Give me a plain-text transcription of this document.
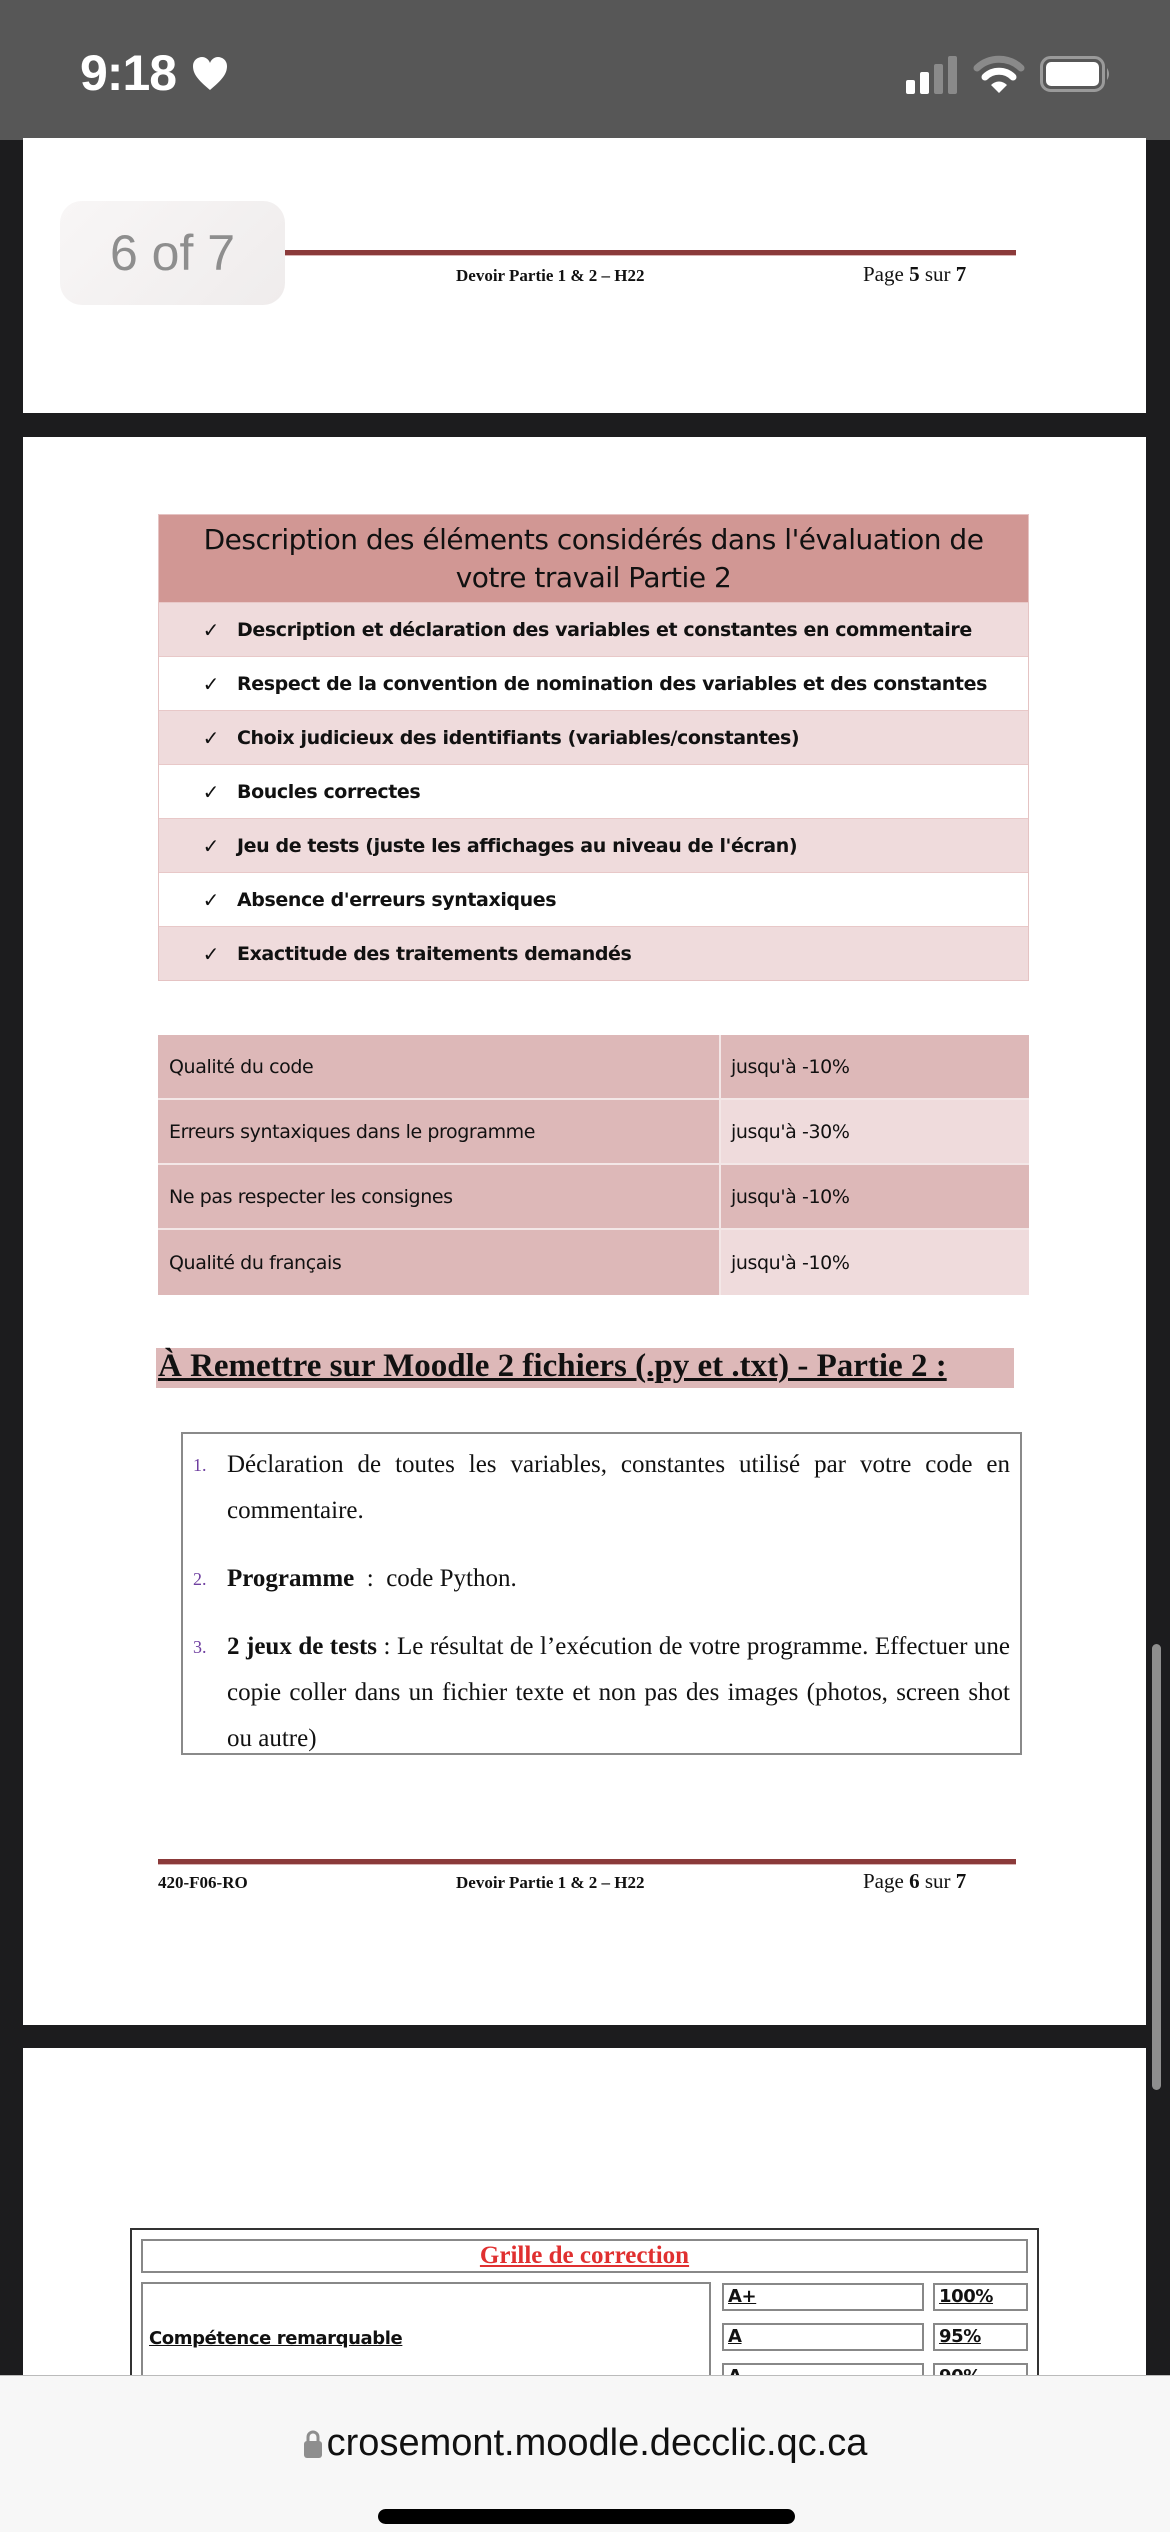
9:18
Devoir Partie 1 & 2 – H22	Page 5 sur 7
Description des éléments considérés dans l'évaluation de
votre travail Partie 2
✓ Description et déclaration des variables et constantes en commentaire
✓ Respect de la convention de nomination des variables et des constantes
✓ Choix judicieux des identifiants (variables/constantes)
✓ Boucles correctes
✓ Jeu de tests (juste les affichages au niveau de l'écran)
✓ Absence d'erreurs syntaxiques
✓ Exactitude des traitements demandés
Qualité du code	jusqu'à -10%
Erreurs syntaxiques dans le programme	jusqu'à -30%
Ne pas respecter les consignes	jusqu'à -10%
Qualité du français	jusqu'à -10%
À Remettre sur Moodle 2 fichiers (.py et .txt) - Partie 2 :
1. Déclaration de toutes les variables, constantes utilisé par votre code en commentaire.
2. Programme  :  code Python.
3. 2 jeux de tests : Le résultat de l’exécution de votre programme. Effectuer une copie coller dans un fichier texte et non pas des images (photos, screen shot ou autre)
420-F06-RO	Devoir Partie 1 & 2 – H22	Page 6 sur 7
Grille de correction
Compétence remarquable
A+	100%
A	95%
6 of 7
crosemont.moodle.decclic.qc.ca
